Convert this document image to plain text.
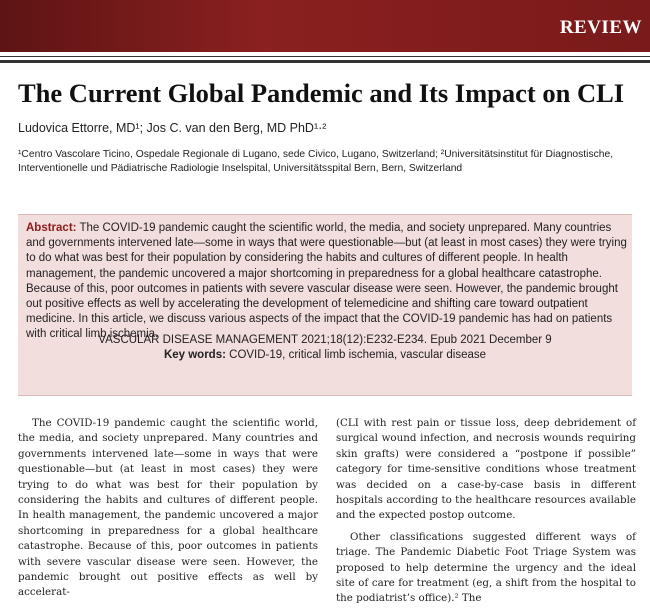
REVIEW
The Current Global Pandemic and Its Impact on CLI
Ludovica Ettorre, MD¹; Jos C. van den Berg, MD PhD¹·²
¹Centro Vascolare Ticino, Ospedale Regionale di Lugano, sede Civico, Lugano, Switzerland; ²Universitätsinstitut für Diagnostische, Interventionelle und Pädiatrische Radiologie Inselspital, Universitätsspital Bern, Bern, Switzerland
Abstract: The COVID-19 pandemic caught the scientific world, the media, and society unprepared. Many countries and governments intervened late—some in ways that were questionable—but (at least in most cases) they were trying to do what was best for their population by considering the habits and cultures of different people. In health management, the pandemic uncovered a major shortcoming in preparedness for a global healthcare catastrophe. Because of this, poor outcomes in patients with severe vascular disease were seen. However, the pandemic brought out positive effects as well by accelerating the development of telemedicine and shifting care toward outpatient medicine. In this article, we discuss various aspects of the impact that the COVID-19 pandemic has had on patients with critical limb ischemia.
VASCULAR DISEASE MANAGEMENT 2021;18(12):E232-E234. Epub 2021 December 9
Key words: COVID-19, critical limb ischemia, vascular disease

The COVID-19 pandemic caught the scientific world, the media, and society unprepared. Many countries and governments intervened late—some in ways that were questionable—but (at least in most cases) they were trying to do what was best for their population by considering the habits and cultures of different people. In health management, the pandemic uncovered a major shortcoming in preparedness for a global healthcare catastrophe. Because of this, poor outcomes in patients with severe vascular disease were seen. However, the pandemic brought out positive effects as well by accelerat-

(CLI with rest pain or tissue loss, deep debridement of surgical wound infection, and necrosis wounds requiring skin grafts) were considered a “postpone if possible” category for time-sensitive conditions whose treatment was decided on a case-by-case basis in different hospitals according to the healthcare resources available and the expected postop outcome.

Other classifications suggested different ways of triage. The Pandemic Diabetic Foot Triage System was proposed to help determine the urgency and the ideal site of care for treatment (eg, a shift from the hospital to the podiatrist’s office).² The
